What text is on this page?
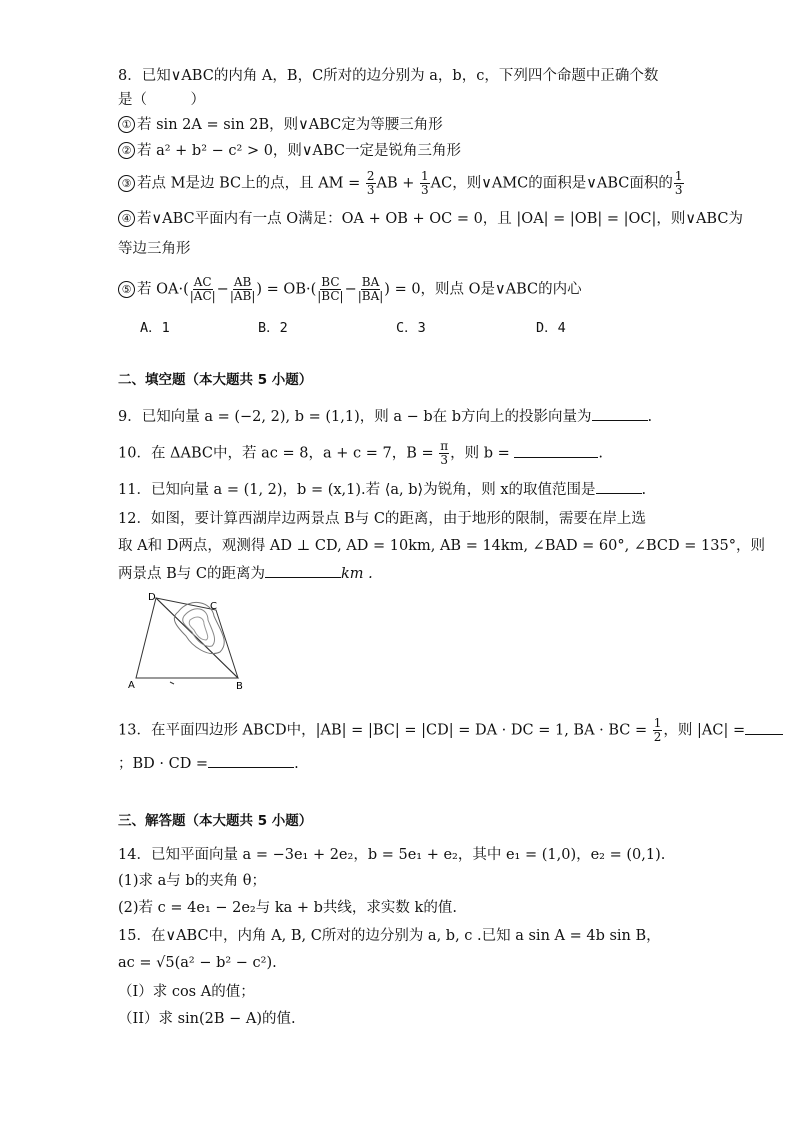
8．已知∨ABC的内角 A，B，C所对的边分别为 a，b，c，下列四个命题中正确个数
是（　　　）
① 若 sin 2A = sin 2B，则∨ABC定为等腰三角形
② 若 a² + b² − c² > 0，则∨ABC一定是锐角三角形
③ 若点 M是边 BC上的点，且 AM = $\frac{2}{3}$ AB + $\frac{1}{3}$ AC，则∨AMC的面积是∨ABC面积的 $\frac{1}{3}$
④ 若∨ABC平面内有一点 O满足：OA + OB + OC = 0，且 |OA| = |OB| = |OC|，则∨ABC为
等边三角形
⑤ 若 $OA\cdot( \frac{AC}{|AC|} - \frac{AB}{|AB|}$ ) = $OB\cdot( \frac{BC}{|BC|} - \frac{BA}{|BA|}$ ) = 0，则点 O是∨ABC的内心
A．1	B．2	C．3	D．4
二、填空题（本大题共 5 小题）
9．已知向量 a = (−2, 2), b = (1,1)，则 a − b在 b方向上的投影向量为	.
10．在 ΔABC中，若 ac = 8，a + c = 7，$B = \frac{\pi}{3}$ ，则 b =	.
11．已知向量 a = (1, 2)，b = (x,1).若 ⟨a, b⟩为锐角，则 x的取值范围是	.
12．如图，要计算西湖岸边两景点 B与 C的距离，由于地形的限制，需要在岸上选
取 A和 D两点，观测得 AD ⊥ CD, AD = 10km, AB = 14km, ∠BAD = 60°, ∠BCD = 135°，则
两景点 B与 C的距离为	km .
D
C
A	B
13．在平面四边形 ABCD中，|AB| = |BC| = |CD| = DA · DC = 1, BA · BC = $\frac{1}{2}$ ，则 |AC| =
；BD · CD =	.
三、解答题（本大题共 5 小题）
14．已知平面向量 a = −3e₁ + 2e₂，b = 5e₁ + e₂，其中 e₁ = (1,0)，e₂ = (0,1).
(1)求 a与 b的夹角 θ；
(2)若 c = 4e₁ − 2e₂与 ka + b共线，求实数 k的值.
15．在∨ABC中，内角 A, B, C所对的边分别为 a, b, c .已知 a sin A = 4b sin B，
ac = √5(a² − b² − c²).
（I）求 cos A的值；
（II）求 sin(2B − A)的值.
